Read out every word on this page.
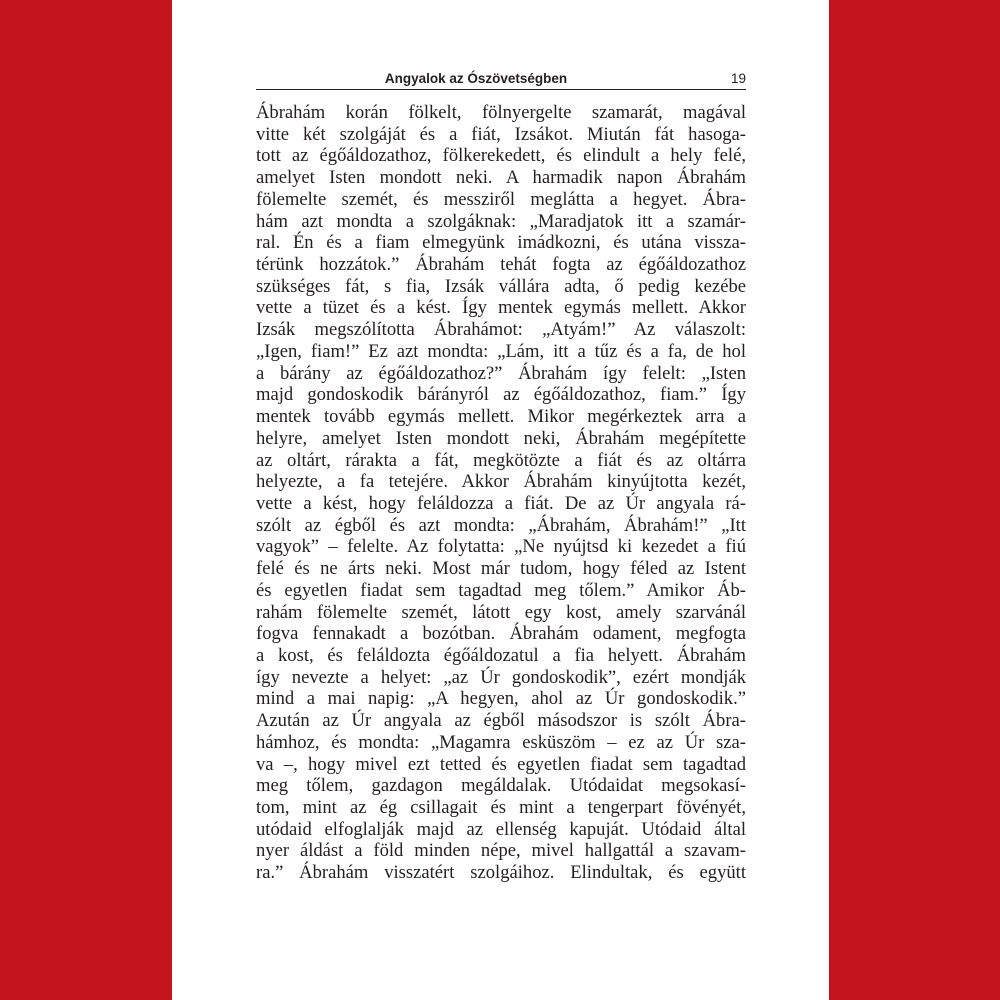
Angyalok az Ószövetségben	19
Ábrahám korán fölkelt, fölnyergelte szamarát, magával
vitte két szolgáját és a fiát, Izsákot. Miután fát hasoga-
tott az égőáldozathoz, fölkerekedett, és elindult a hely felé,
amelyet Isten mondott neki. A harmadik napon Ábrahám
fölemelte szemét, és messziről meglátta a hegyet. Ábra-
hám azt mondta a szolgáknak: „Maradjatok itt a szamár-
ral. Én és a fiam elmegyünk imádkozni, és utána vissza-
térünk hozzátok.” Ábrahám tehát fogta az égőáldozathoz
szükséges fát, s fia, Izsák vállára adta, ő pedig kezébe
vette a tüzet és a kést. Így mentek egymás mellett. Akkor
Izsák megszólította Ábrahámot: „Atyám!” Az válaszolt:
„Igen, fiam!” Ez azt mondta: „Lám, itt a tűz és a fa, de hol
a bárány az égőáldozathoz?” Ábrahám így felelt: „Isten
majd gondoskodik bárányról az égőáldozathoz, fiam.” Így
mentek tovább egymás mellett. Mikor megérkeztek arra a
helyre, amelyet Isten mondott neki, Ábrahám megépítette
az oltárt, rárakta a fát, megkötözte a fiát és az oltárra
helyezte, a fa tetejére. Akkor Ábrahám kinyújtotta kezét,
vette a kést, hogy feláldozza a fiát. De az Úr angyala rá-
szólt az égből és azt mondta: „Ábrahám, Ábrahám!” „Itt
vagyok” – felelte. Az folytatta: „Ne nyújtsd ki kezedet a fiú
felé és ne árts neki. Most már tudom, hogy féled az Istent
és egyetlen fiadat sem tagadtad meg tőlem.” Amikor Áb-
rahám fölemelte szemét, látott egy kost, amely szarvánál
fogva fennakadt a bozótban. Ábrahám odament, megfogta
a kost, és feláldozta égőáldozatul a fia helyett. Ábrahám
így nevezte a helyet: „az Úr gondoskodik”, ezért mondják
mind a mai napig: „A hegyen, ahol az Úr gondoskodik.”
Azután az Úr angyala az égből másodszor is szólt Ábra-
hámhoz, és mondta: „Magamra esküszöm – ez az Úr sza-
va –, hogy mivel ezt tetted és egyetlen fiadat sem tagadtad
meg tőlem, gazdagon megáldalak. Utódaidat megsokasí-
tom, mint az ég csillagait és mint a tengerpart fövényét,
utódaid elfoglalják majd az ellenség kapuját. Utódaid által
nyer áldást a föld minden népe, mivel hallgattál a szavam-
ra.” Ábrahám visszatért szolgáihoz. Elindultak, és együtt
